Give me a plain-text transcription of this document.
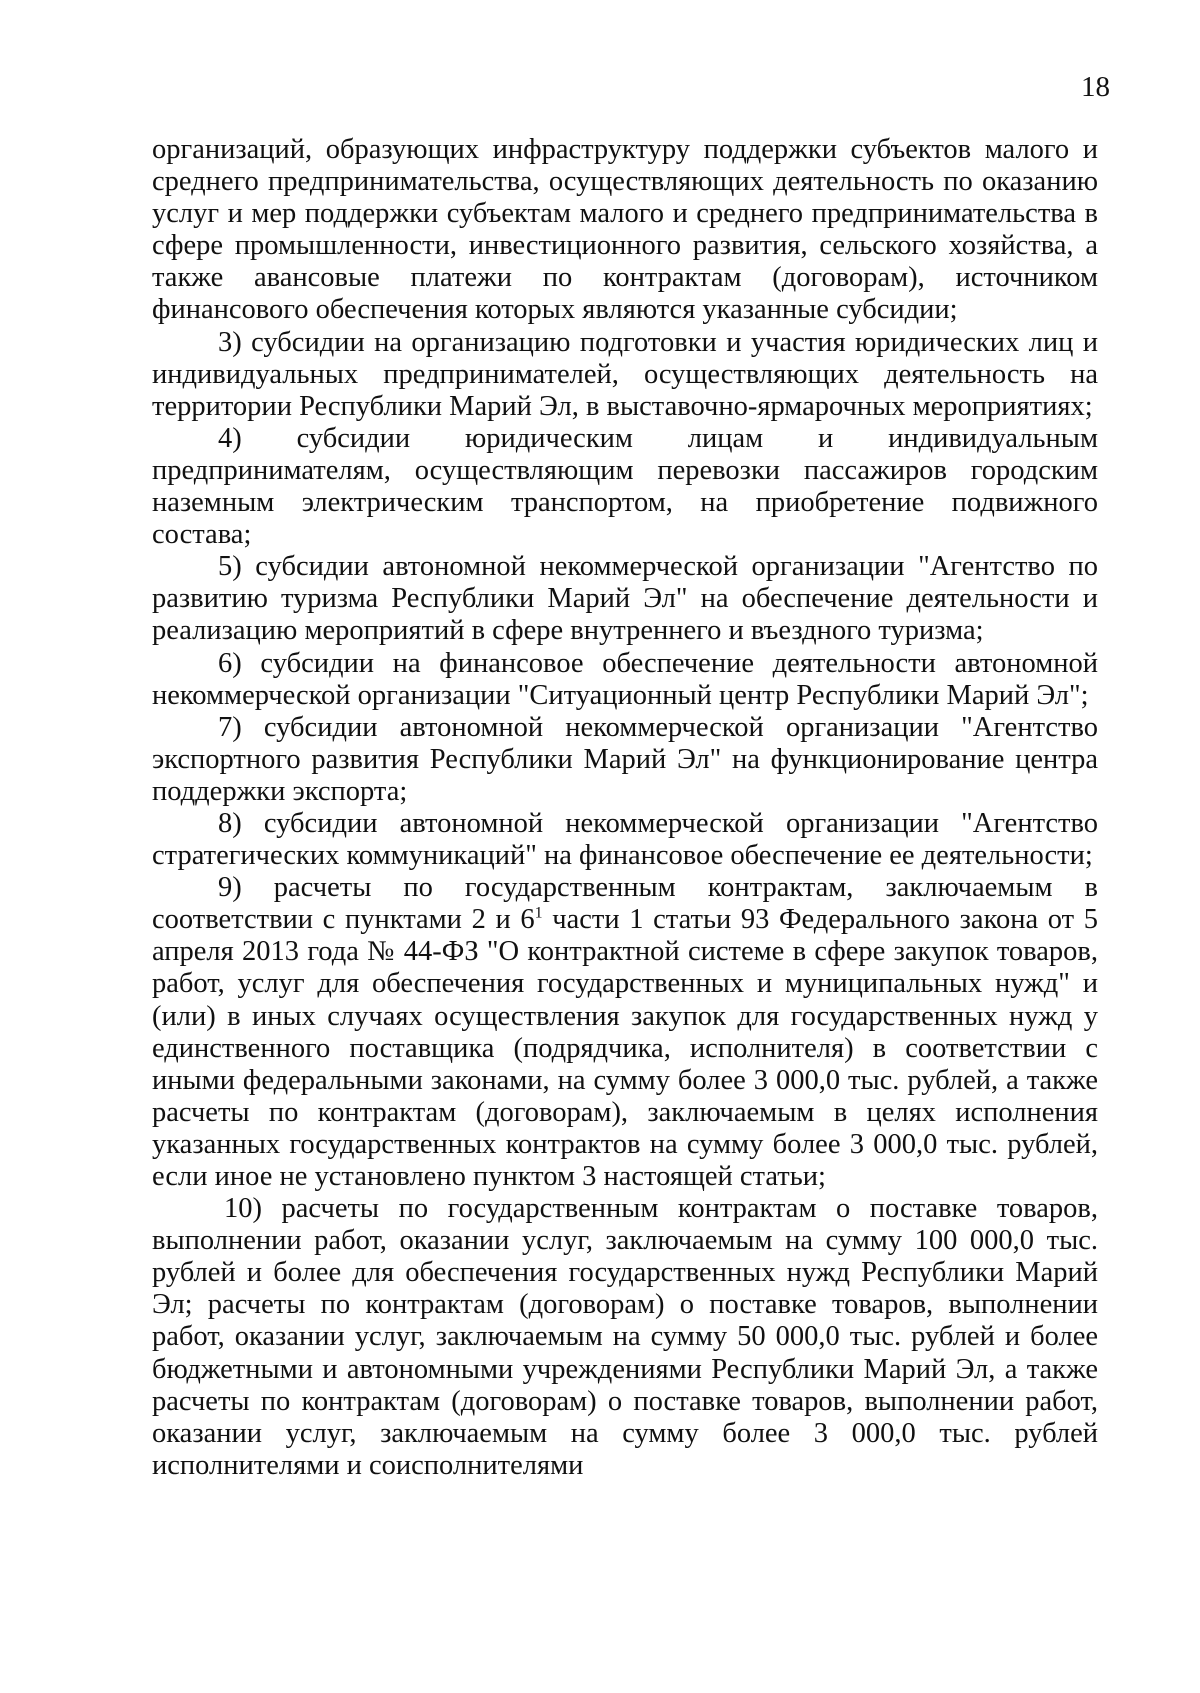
18

организаций, образующих инфраструктуру поддержки субъектов малого и среднего предпринимательства, осуществляющих деятельность по оказанию услуг и мер поддержки субъектам малого и среднего предпринимательства в сфере промышленности, инвестиционного развития, сельского хозяйства, а также авансовые платежи по контрактам (договорам), источником финансового обеспечения которых являются указанные субсидии;

3) субсидии на организацию подготовки и участия юридических лиц и индивидуальных предпринимателей, осуществляющих деятельность на территории Республики Марий Эл, в выставочно-ярмарочных мероприятиях;

4) субсидии юридическим лицам и индивидуальным предпринимателям, осуществляющим перевозки пассажиров городским наземным электрическим транспортом, на приобретение подвижного состава;

5) субсидии автономной некоммерческой организации "Агентство по развитию туризма Республики Марий Эл" на обеспечение деятельности и реализацию мероприятий в сфере внутреннего и въездного туризма;

6) субсидии на финансовое обеспечение деятельности автономной некоммерческой организации "Ситуационный центр Республики Марий Эл";

7) субсидии автономной некоммерческой организации "Агентство экспортного развития Республики Марий Эл" на функционирование центра поддержки экспорта;

8) субсидии автономной некоммерческой организации "Агентство стратегических коммуникаций" на финансовое обеспечение ее деятельности;

9) расчеты по государственным контрактам, заключаемым в соответствии с пунктами 2 и $6^1$ части 1 статьи 93 Федерального закона от 5 апреля 2013 года № 44-ФЗ "О контрактной системе в сфере закупок товаров, работ, услуг для обеспечения государственных и муниципальных нужд" и (или) в иных случаях осуществления закупок для государственных нужд у единственного поставщика (подрядчика, исполнителя) в соответствии с иными федеральными законами, на сумму более 3 000,0 тыс. рублей, а также расчеты по контрактам (договорам), заключаемым в целях исполнения указанных государственных контрактов на сумму более 3 000,0 тыс. рублей, если иное не установлено пунктом 3 настоящей статьи;

10) расчеты по государственным контрактам о поставке товаров, выполнении работ, оказании услуг, заключаемым на сумму 100 000,0 тыс. рублей и более для обеспечения государственных нужд Республики Марий Эл; расчеты по контрактам (договорам) о поставке товаров, выполнении работ, оказании услуг, заключаемым на сумму 50 000,0 тыс. рублей и более бюджетными и автономными учреждениями Республики Марий Эл, а также расчеты по контрактам (договорам) о поставке товаров, выполнении работ, оказании услуг, заключаемым на сумму более 3 000,0 тыс. рублей исполнителями и соисполнителями
